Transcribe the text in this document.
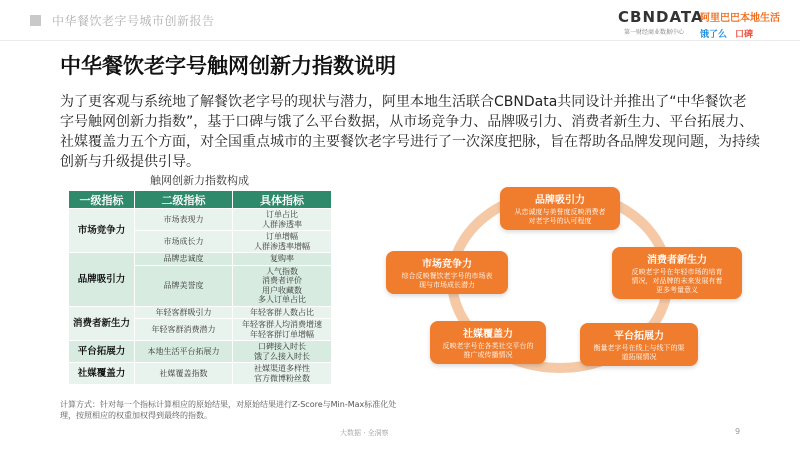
中华餐饮老字号城市创新报告	CBNDATA
第一财经商业数据中心
阿里巴巴本地生活
饿了么 口碑
中华餐饮老字号触网创新力指数说明
为了更客观与系统地了解餐饮老字号的现状与潜力，阿里本地生活联合CBNData共同设计并推出了“中华餐饮老字号触网创新力指数”，基于口碑与饿了么平台数据，从市场竞争力、品牌吸引力、消费者新生力、平台拓展力、社媒覆盖力五个方面，对全国重点城市的主要餐饮老字号进行了一次深度把脉，旨在帮助各品牌发现问题，为持续创新与升级提供引导。
触网创新力指数构成
一级指标	二级指标	具体指标
市场竞争力	市场表现力	订单占比
人群渗透率

	市场成长力	订单增幅
人群渗透率增幅

品牌吸引力	品牌忠诚度	复购率

	品牌美誉度	人气指数
消费者评价
用户收藏数
多人订单占比

消费者新生力	年轻客群吸引力	年轻客群人数占比

	年轻客群消费潜力	年轻客群人均消费增速
年轻客群订单增幅

平台拓展力	本地生活平台拓展力	口碑接入时长
饿了么接入时长

社媒覆盖力	社媒覆盖指数	社媒渠道多样性
官方微博粉丝数
计算方式：针对每一个指标计算相应的原始结果，对原始结果进行Z-Score与Min-Max标准化处理，按照相应的权重加权得到最终的指数。
品牌吸引力
从忠诚度与美誉度反映消费者
对老字号的认可程度
市场竞争力
综合反映餐饮老字号的市场表
现与市场成长潜力
消费者新生力
反映老字号在年轻市场的培育
情况，对品牌的未来发展有着
更多考量意义
社媒覆盖力
反映老字号在各类社交平台的
推广或传播情况
平台拓展力
衡量老字号在线上与线下的渠
道拓展情况
大数据 · 全洞察	9
